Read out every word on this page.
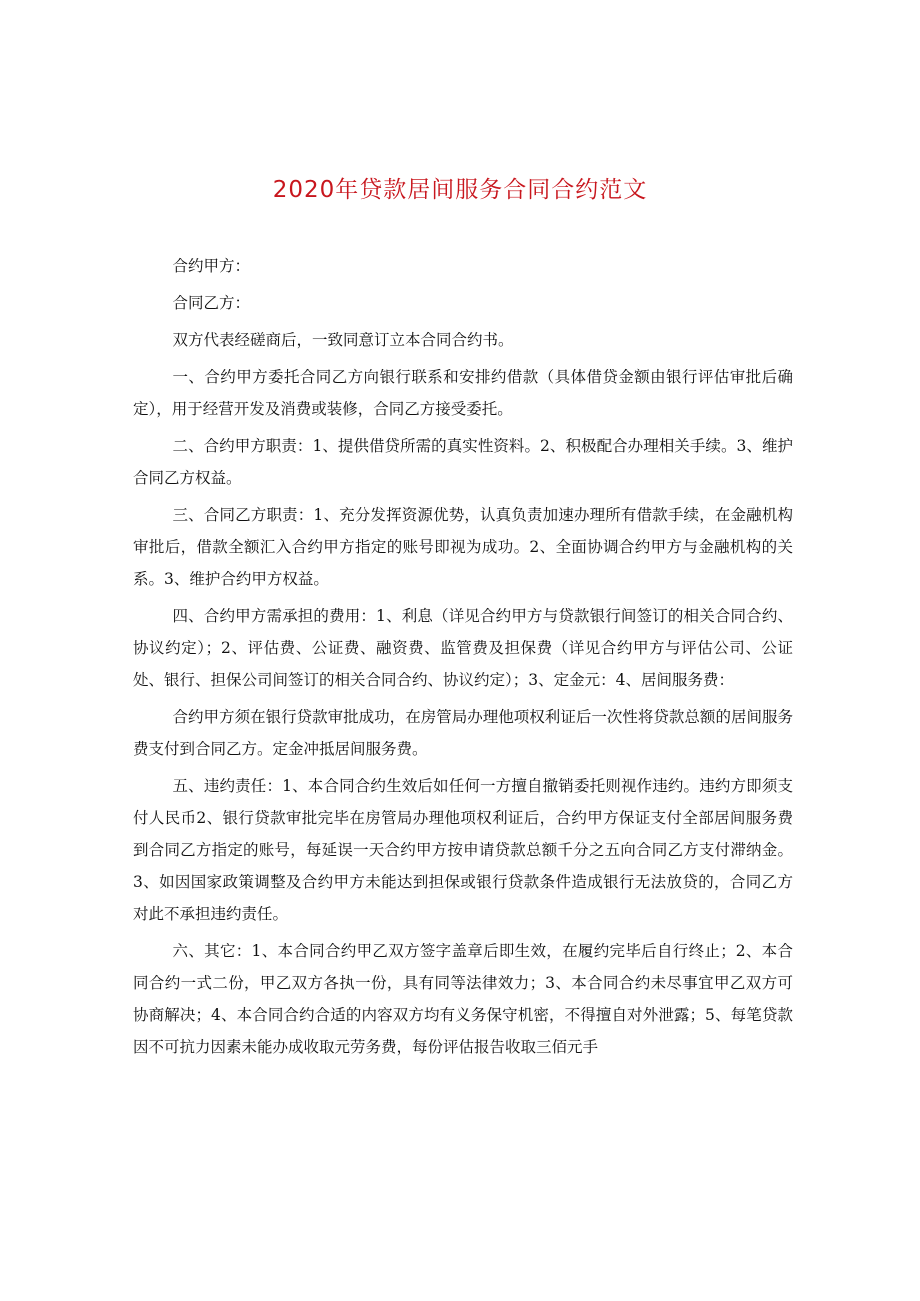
2020年贷款居间服务合同合约范文

合约甲方：

合同乙方：

双方代表经磋商后，一致同意订立本合同合约书。

一、合约甲方委托合同乙方向银行联系和安排约借款（具体借贷金额由银行评估审批后确定），用于经营开发及消费或装修，合同乙方接受委托。

二、合约甲方职责：1、提供借贷所需的真实性资料。2、积极配合办理相关手续。3、维护合同乙方权益。

三、合同乙方职责：1、充分发挥资源优势，认真负责加速办理所有借款手续，在金融机构审批后，借款全额汇入合约甲方指定的账号即视为成功。2、全面协调合约甲方与金融机构的关系。3、维护合约甲方权益。

四、合约甲方需承担的费用：1、利息（详见合约甲方与贷款银行间签订的相关合同合约、协议约定）；2、评估费、公证费、融资费、监管费及担保费（详见合约甲方与评估公司、公证处、银行、担保公司间签订的相关合同合约、协议约定）；3、定金元：4、居间服务费：

合约甲方须在银行贷款审批成功，在房管局办理他项权利证后一次性将贷款总额的居间服务费支付到合同乙方。定金冲抵居间服务费。

五、违约责任：1、本合同合约生效后如任何一方擅自撤销委托则视作违约。违约方即须支付人民币2、银行贷款审批完毕在房管局办理他项权利证后，合约甲方保证支付全部居间服务费到合同乙方指定的账号，每延误一天合约甲方按申请贷款总额千分之五向合同乙方支付滞纳金。3、如因国家政策调整及合约甲方未能达到担保或银行贷款条件造成银行无法放贷的，合同乙方对此不承担违约责任。

六、其它：1、本合同合约甲乙双方签字盖章后即生效，在履约完毕后自行终止；2、本合同合约一式二份，甲乙双方各执一份，具有同等法律效力；3、本合同合约未尽事宜甲乙双方可协商解决；4、本合同合约合适的内容双方均有义务保守机密，不得擅自对外泄露；5、每笔贷款因不可抗力因素未能办成收取元劳务费，每份评估报告收取三佰元手
